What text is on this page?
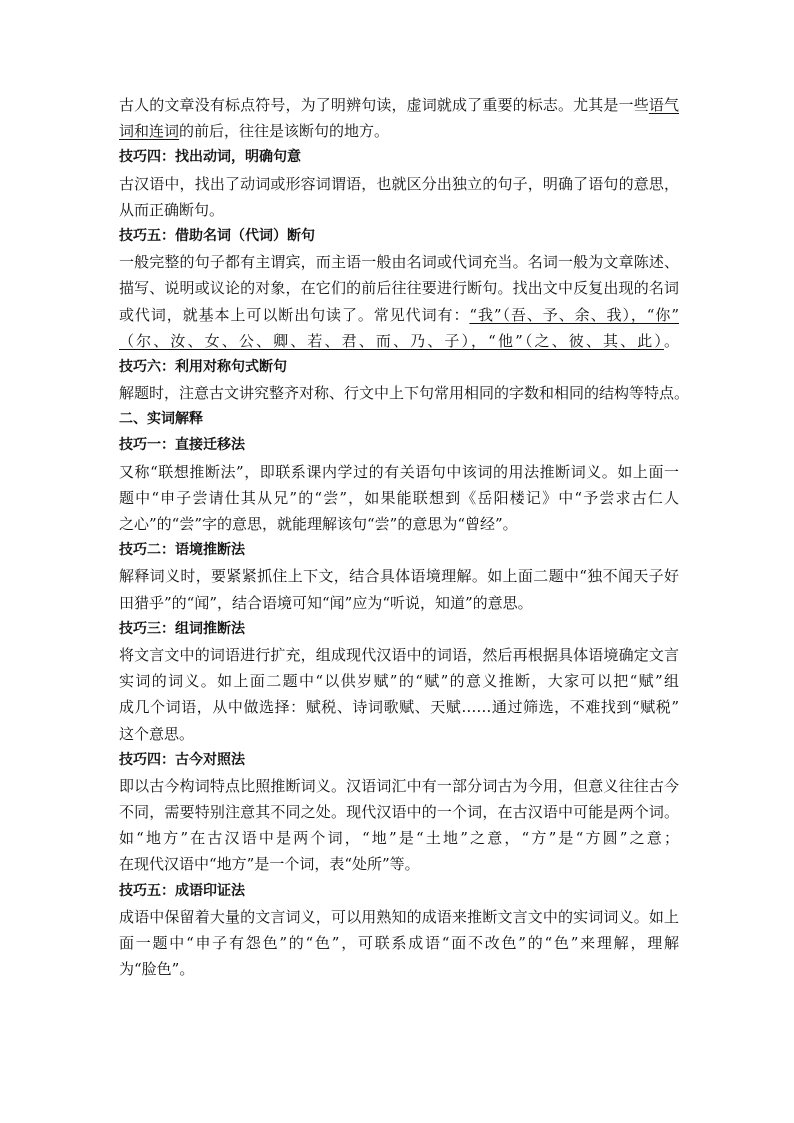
古人的文章没有标点符号，为了明辨句读，虚词就成了重要的标志。尤其是一些语气
词和连词的前后，往往是该断句的地方。
技巧四：找出动词，明确句意
古汉语中，找出了动词或形容词谓语，也就区分出独立的句子，明确了语句的意思，
从而正确断句。
技巧五：借助名词（代词）断句
一般完整的句子都有主谓宾，而主语一般由名词或代词充当。名词一般为文章陈述、
描写、说明或议论的对象，在它们的前后往往要进行断句。找出文中反复出现的名词
或代词，就基本上可以断出句读了。常见代词有：“我”（吾、予、余、我），“你”
（尔、汝、女、公、卿、若、君、而、乃、子），“他”（之、彼、其、此）。
技巧六：利用对称句式断句
解题时，注意古文讲究整齐对称、行文中上下句常用相同的字数和相同的结构等特点。
二、实词解释
技巧一：直接迁移法
又称“联想推断法”，即联系课内学过的有关语句中该词的用法推断词义。如上面一
题中“申子尝请仕其从兄”的“尝”，如果能联想到《岳阳楼记》中“予尝求古仁人
之心”的“尝”字的意思，就能理解该句“尝”的意思为“曾经”。
技巧二：语境推断法
解释词义时，要紧紧抓住上下文，结合具体语境理解。如上面二题中“独不闻天子好
田猎乎”的“闻”，结合语境可知“闻”应为“听说，知道”的意思。
技巧三：组词推断法
将文言文中的词语进行扩充，组成现代汉语中的词语，然后再根据具体语境确定文言
实词的词义。如上面二题中“以供岁赋”的“赋”的意义推断，大家可以把“赋”组
成几个词语，从中做选择：赋税、诗词歌赋、天赋……通过筛选，不难找到“赋税”
这个意思。
技巧四：古今对照法
即以古今构词特点比照推断词义。汉语词汇中有一部分词古为今用，但意义往往古今
不同，需要特别注意其不同之处。现代汉语中的一个词，在古汉语中可能是两个词。
如“地方”在古汉语中是两个词，“地”是“土地”之意，“方”是“方圆”之意；
在现代汉语中“地方”是一个词，表“处所”等。
技巧五：成语印证法
成语中保留着大量的文言词义，可以用熟知的成语来推断文言文中的实词词义。如上
面一题中“申子有怨色”的“色”，可联系成语“面不改色”的“色”来理解，理解
为“脸色”。
